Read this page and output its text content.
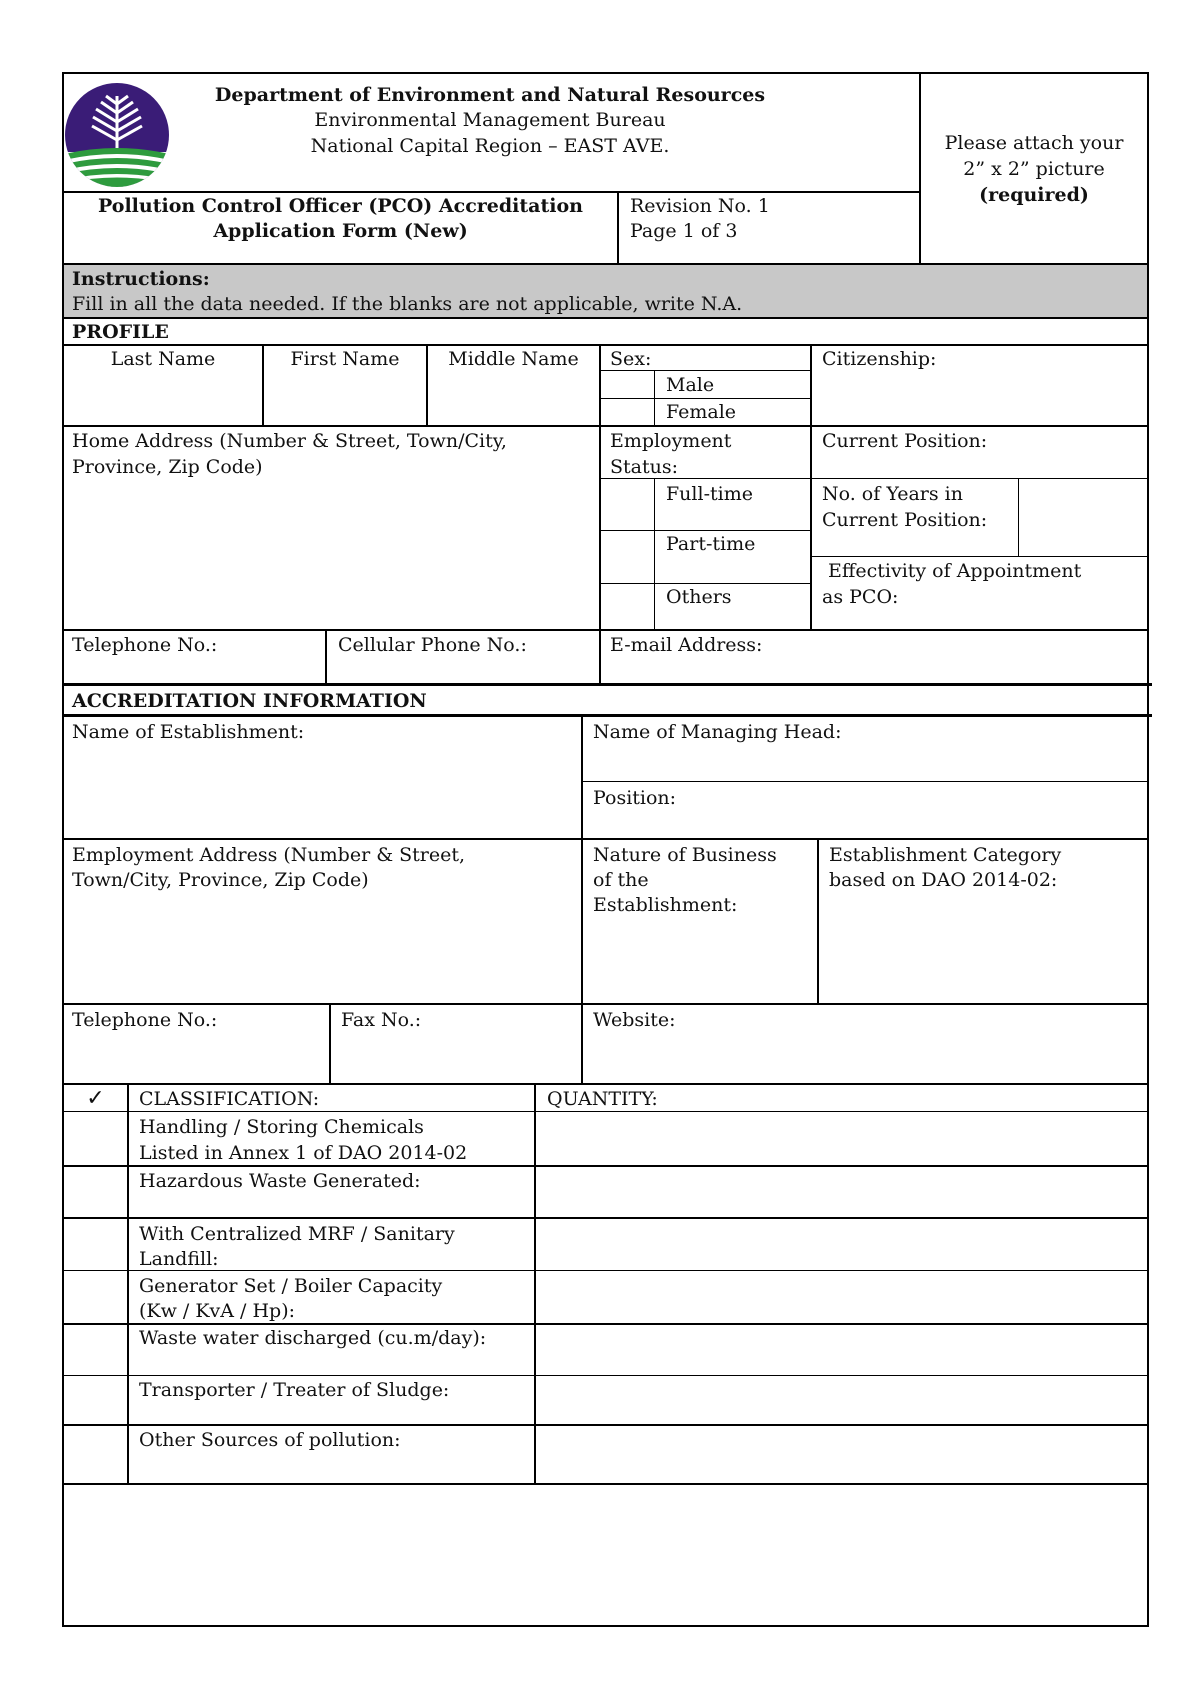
Department of Environment and Natural Resources
Environmental Management Bureau
National Capital Region – EAST AVE.
Pollution Control Officer (PCO) Accreditation
Application Form (New)
Revision No. 1
Page 1 of 3
Please attach your
2” x 2” picture
(required)
Instructions:
Fill in all the data needed. If the blanks are not applicable, write N.A.
PROFILE
Last Name	First Name	Middle Name	Sex:
Male
Female
Citizenship:
Home Address (Number & Street, Town/City,
Province, Zip Code)
Employment
Status:
Full-time
Part-time
Others
Current Position:
No. of Years in
Current Position:
Effectivity of Appointment
as PCO:
Telephone No.:	Cellular Phone No.:	E-mail Address:
ACCREDITATION INFORMATION
Name of Establishment:	Name of Managing Head:
Position:
Employment Address (Number & Street,
Town/City, Province, Zip Code)
Nature of Business
of the
Establishment:
Establishment Category
based on DAO 2014-02:
Telephone No.:	Fax No.:	Website:
✓	CLASSIFICATION:	QUANTITY:
Handling / Storing Chemicals
Listed in Annex 1 of DAO 2014-02
Hazardous Waste Generated:
With Centralized MRF / Sanitary
Landfill:
Generator Set / Boiler Capacity
(Kw / KvA / Hp):
Waste water discharged (cu.m/day):
Transporter / Treater of Sludge:
Other Sources of pollution:
